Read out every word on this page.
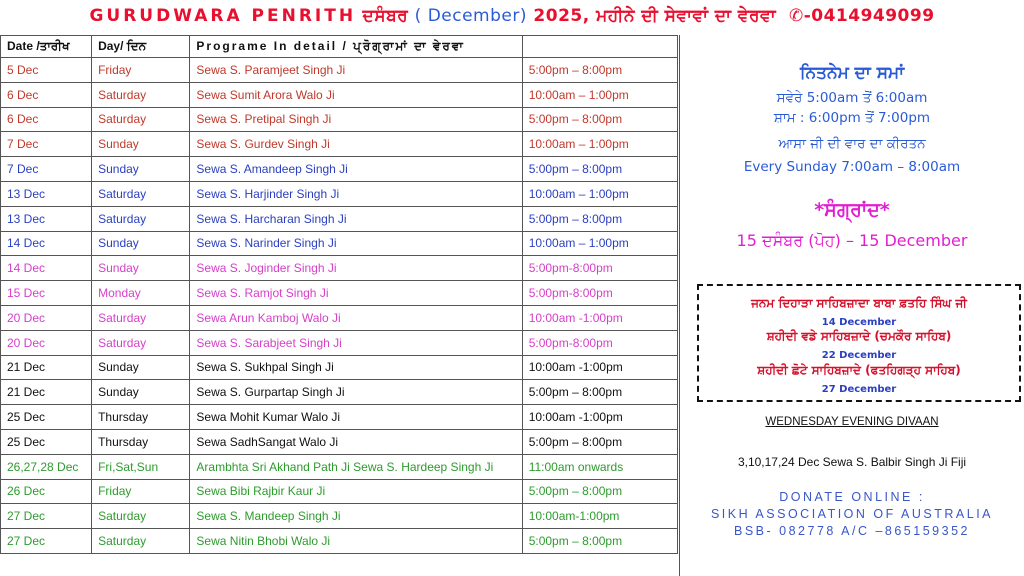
GURUDWARA PENRITH ਦਸੰਬਰ ( December) 2025, ਮਹੀਨੇ ਦੀ ਸੇਵਾਵਾਂ ਦਾ ਵੇਰਵਾ ✆-0414949099
Date /ਤਾਰੀਖ	Day/ ਦਿਨ	Programe In detail / ਪ੍ਰੋਗ੍ਰਾਮਾਂ ਦਾ ਵੇਰਵਾ	
5 Dec	Friday	Sewa S. Paramjeet Singh Ji	5:00pm – 8:00pm
6 Dec	Saturday	Sewa Sumit Arora Walo Ji	10:00am – 1:00pm
6 Dec	Saturday	Sewa S. Pretipal Singh Ji	5:00pm – 8:00pm
7 Dec	Sunday	Sewa S. Gurdev Singh Ji	10:00am – 1:00pm
7 Dec	Sunday	Sewa S. Amandeep Singh Ji	5:00pm – 8:00pm
13 Dec	Saturday	Sewa S. Harjinder Singh Ji	10:00am – 1:00pm
13 Dec	Saturday	Sewa S. Harcharan Singh Ji	5:00pm – 8:00pm
14 Dec	Sunday	Sewa S. Narinder Singh Ji	10:00am – 1:00pm
14 Dec	Sunday	Sewa S. Joginder Singh Ji	5:00pm-8:00pm
15 Dec	Monday	Sewa S. Ramjot Singh Ji	5:00pm-8:00pm
20 Dec	Saturday	Sewa Arun Kamboj Walo Ji	10:00am -1:00pm
20 Dec	Saturday	Sewa S. Sarabjeet Singh Ji	5:00pm-8:00pm
21 Dec	Sunday	Sewa S. Sukhpal Singh Ji	10:00am -1:00pm
21 Dec	Sunday	Sewa S. Gurpartap Singh Ji	5:00pm – 8:00pm
25 Dec	Thursday	Sewa Mohit Kumar Walo Ji	10:00am -1:00pm
25 Dec	Thursday	Sewa SadhSangat Walo Ji	5:00pm – 8:00pm
26,27,28 Dec	Fri,Sat,Sun	Arambhta Sri Akhand Path Ji Sewa S. Hardeep Singh Ji	11:00am onwards
26 Dec	Friday	Sewa Bibi Rajbir Kaur Ji	5:00pm – 8:00pm
27 Dec	Saturday	Sewa S. Mandeep Singh Ji	10:00am-1:00pm
27 Dec	Saturday	Sewa Nitin Bhobi Walo Ji	5:00pm – 8:00pm
ਨਿਤਨੇਮ ਦਾ ਸਮਾਂ
ਸਵੇਰੇ 5:00am ਤੋਂ 6:00am
ਸ਼ਾਮ : 6:00pm ਤੋਂ 7:00pm
ਆਸਾ ਜੀ ਦੀ ਵਾਰ ਦਾ ਕੀਰਤਨ
Every Sunday 7:00am – 8:00am
*ਸੰਗ੍ਰਾਂਦ*
15 ਦਸੰਬਰ (ਪੋਹ) – 15 December
ਜਨਮ ਦਿਹਾੜਾ ਸਾਹਿਬਜ਼ਾਦਾ ਬਾਬਾ ਫ਼ਤਹਿ ਸਿੰਘ ਜੀ
14 December
ਸ਼ਹੀਦੀ ਵਡੇ ਸਾਹਿਬਜ਼ਾਦੇ (ਚਮਕੌਰ ਸਾਹਿਬ)
22 December
ਸ਼ਹੀਦੀ ਛੋਟੇ ਸਾਹਿਬਜ਼ਾਦੇ (ਫਤਹਿਗੜ੍ਹ ਸਾਹਿਬ)
27 December
WEDNESDAY EVENING DIVAAN
3,10,17,24 Dec Sewa S. Balbir Singh Ji Fiji
DONATE ONLINE :
SIKH ASSOCIATION OF AUSTRALIA
BSB- 082778 A/C –865159352
